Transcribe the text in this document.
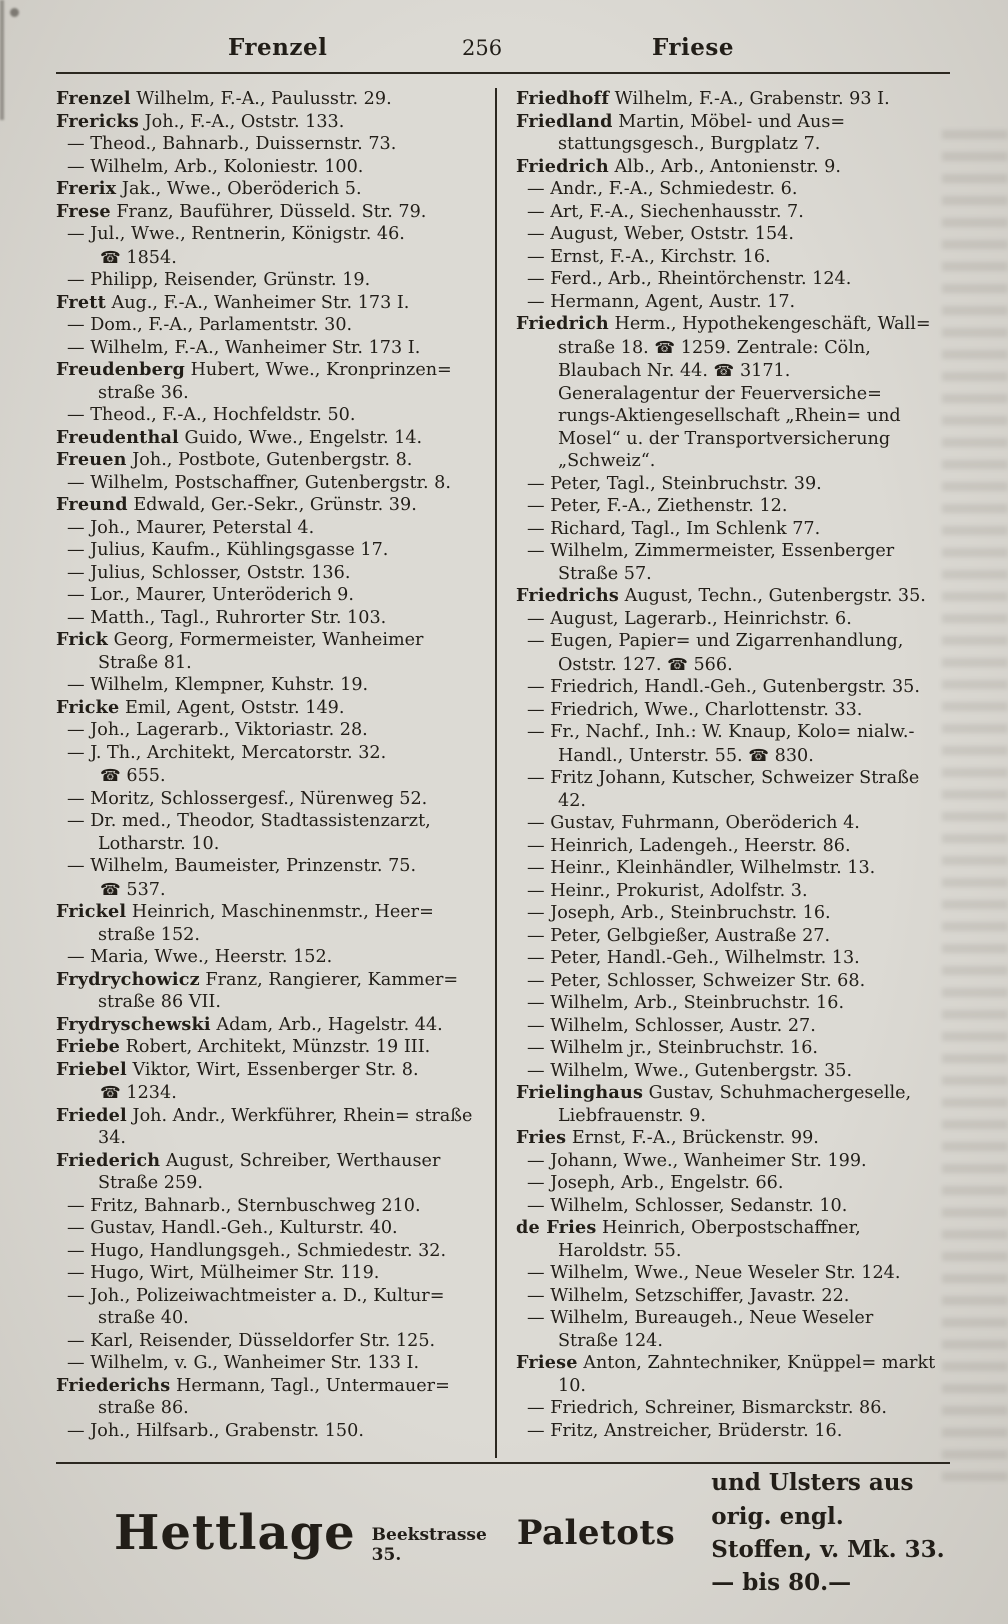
Frenzel	256	Friese

Frenzel Wilhelm, F.-A., Paulusstr. 29.

Frericks Joh., F.-A., Oststr. 133.

— Theod., Bahnarb., Duissernstr. 73.

— Wilhelm, Arb., Koloniestr. 100.

Frerix Jak., Wwe., Oberöderich 5.

Frese Franz, Bauführer, Düsseld. Str. 79.

— Jul., Wwe., Rentnerin, Königstr. 46.

☎ 1854.

— Philipp, Reisender, Grünstr. 19.

Frett Aug., F.-A., Wanheimer Str. 173 I.

— Dom., F.-A., Parlamentstr. 30.

— Wilhelm, F.-A., Wanheimer Str. 173 I.

Freudenberg Hubert, Wwe., Kronprinzen= straße 36.

— Theod., F.-A., Hochfeldstr. 50.

Freudenthal Guido, Wwe., Engelstr. 14.

Freuen Joh., Postbote, Gutenbergstr. 8.

— Wilhelm, Postschaffner, Gutenbergstr. 8.

Freund Edwald, Ger.-Sekr., Grünstr. 39.

— Joh., Maurer, Peterstal 4.

— Julius, Kaufm., Kühlingsgasse 17.

— Julius, Schlosser, Oststr. 136.

— Lor., Maurer, Unteröderich 9.

— Matth., Tagl., Ruhrorter Str. 103.

Frick Georg, Formermeister, Wanheimer Straße 81.

— Wilhelm, Klempner, Kuhstr. 19.

Fricke Emil, Agent, Oststr. 149.

— Joh., Lagerarb., Viktoriastr. 28.

— J. Th., Architekt, Mercatorstr. 32.

☎ 655.

— Moritz, Schlossergesf., Nürenweg 52.

— Dr. med., Theodor, Stadtassistenzarzt, Lotharstr. 10.

— Wilhelm, Baumeister, Prinzenstr. 75.

☎ 537.

Frickel Heinrich, Maschinenmstr., Heer= straße 152.

— Maria, Wwe., Heerstr. 152.

Frydrychowicz Franz, Rangierer, Kammer= straße 86 VII.

Frydryschewski Adam, Arb., Hagelstr. 44.

Friebe Robert, Architekt, Münzstr. 19 III.

Friebel Viktor, Wirt, Essenberger Str. 8.

☎ 1234.

Friedel Joh. Andr., Werkführer, Rhein= straße 34.

Friederich August, Schreiber, Werthauser Straße 259.

— Fritz, Bahnarb., Sternbuschweg 210.

— Gustav, Handl.-Geh., Kulturstr. 40.

— Hugo, Handlungsgeh., Schmiedestr. 32.

— Hugo, Wirt, Mülheimer Str. 119.

— Joh., Polizeiwachtmeister a. D., Kultur= straße 40.

— Karl, Reisender, Düsseldorfer Str. 125.

— Wilhelm, v. G., Wanheimer Str. 133 I.

Friederichs Hermann, Tagl., Untermauer= straße 86.

— Joh., Hilfsarb., Grabenstr. 150.

Friedhoff Wilhelm, F.-A., Grabenstr. 93 I.

Friedland Martin, Möbel- und Aus= stattungsgesch., Burgplatz 7.

Friedrich Alb., Arb., Antonienstr. 9.

— Andr., F.-A., Schmiedestr. 6.

— Art, F.-A., Siechenhausstr. 7.

— August, Weber, Oststr. 154.

— Ernst, F.-A., Kirchstr. 16.

— Ferd., Arb., Rheintörchenstr. 124.

— Hermann, Agent, Austr. 17.

Friedrich Herm., Hypothekengeschäft, Wall= straße 18. ☎ 1259. Zentrale: Cöln, Blaubach Nr. 44. ☎ 3171. Generalagentur der Feuerversiche= rungs-Aktiengesellschaft „Rhein= und Mosel“ u. der Transportversicherung „Schweiz“.

— Peter, Tagl., Steinbruchstr. 39.

— Peter, F.-A., Ziethenstr. 12.

— Richard, Tagl., Im Schlenk 77.

— Wilhelm, Zimmermeister, Essenberger Straße 57.

Friedrichs August, Techn., Gutenbergstr. 35.

— August, Lagerarb., Heinrichstr. 6.

— Eugen, Papier= und Zigarrenhandlung, Oststr. 127. ☎ 566.

— Friedrich, Handl.-Geh., Gutenbergstr. 35.

— Friedrich, Wwe., Charlottenstr. 33.

— Fr., Nachf., Inh.: W. Knaup, Kolo= nialw.-Handl., Unterstr. 55. ☎ 830.

— Fritz Johann, Kutscher, Schweizer Straße 42.

— Gustav, Fuhrmann, Oberöderich 4.

— Heinrich, Ladengeh., Heerstr. 86.

— Heinr., Kleinhändler, Wilhelmstr. 13.

— Heinr., Prokurist, Adolfstr. 3.

— Joseph, Arb., Steinbruchstr. 16.

— Peter, Gelbgießer, Austraße 27.

— Peter, Handl.-Geh., Wilhelmstr. 13.

— Peter, Schlosser, Schweizer Str. 68.

— Wilhelm, Arb., Steinbruchstr. 16.

— Wilhelm, Schlosser, Austr. 27.

— Wilhelm jr., Steinbruchstr. 16.

— Wilhelm, Wwe., Gutenbergstr. 35.

Frielinghaus Gustav, Schuhmachergeselle, Liebfrauenstr. 9.

Fries Ernst, F.-A., Brückenstr. 99.

— Johann, Wwe., Wanheimer Str. 199.

— Joseph, Arb., Engelstr. 66.

— Wilhelm, Schlosser, Sedanstr. 10.

de Fries Heinrich, Oberpostschaffner, Haroldstr. 55.

— Wilhelm, Wwe., Neue Weseler Str. 124.

— Wilhelm, Setzschiffer, Javastr. 22.

— Wilhelm, Bureaugeh., Neue Weseler Straße 124.

Friese Anton, Zahntechniker, Knüppel= markt 10.

— Friedrich, Schreiner, Bismarckstr. 86.

— Fritz, Anstreicher, Brüderstr. 16.

Hettlage Beekstrasse 35.
Paletots
und Ulsters aus orig. engl.
Stoffen, v. Mk. 33.— bis 80.—
